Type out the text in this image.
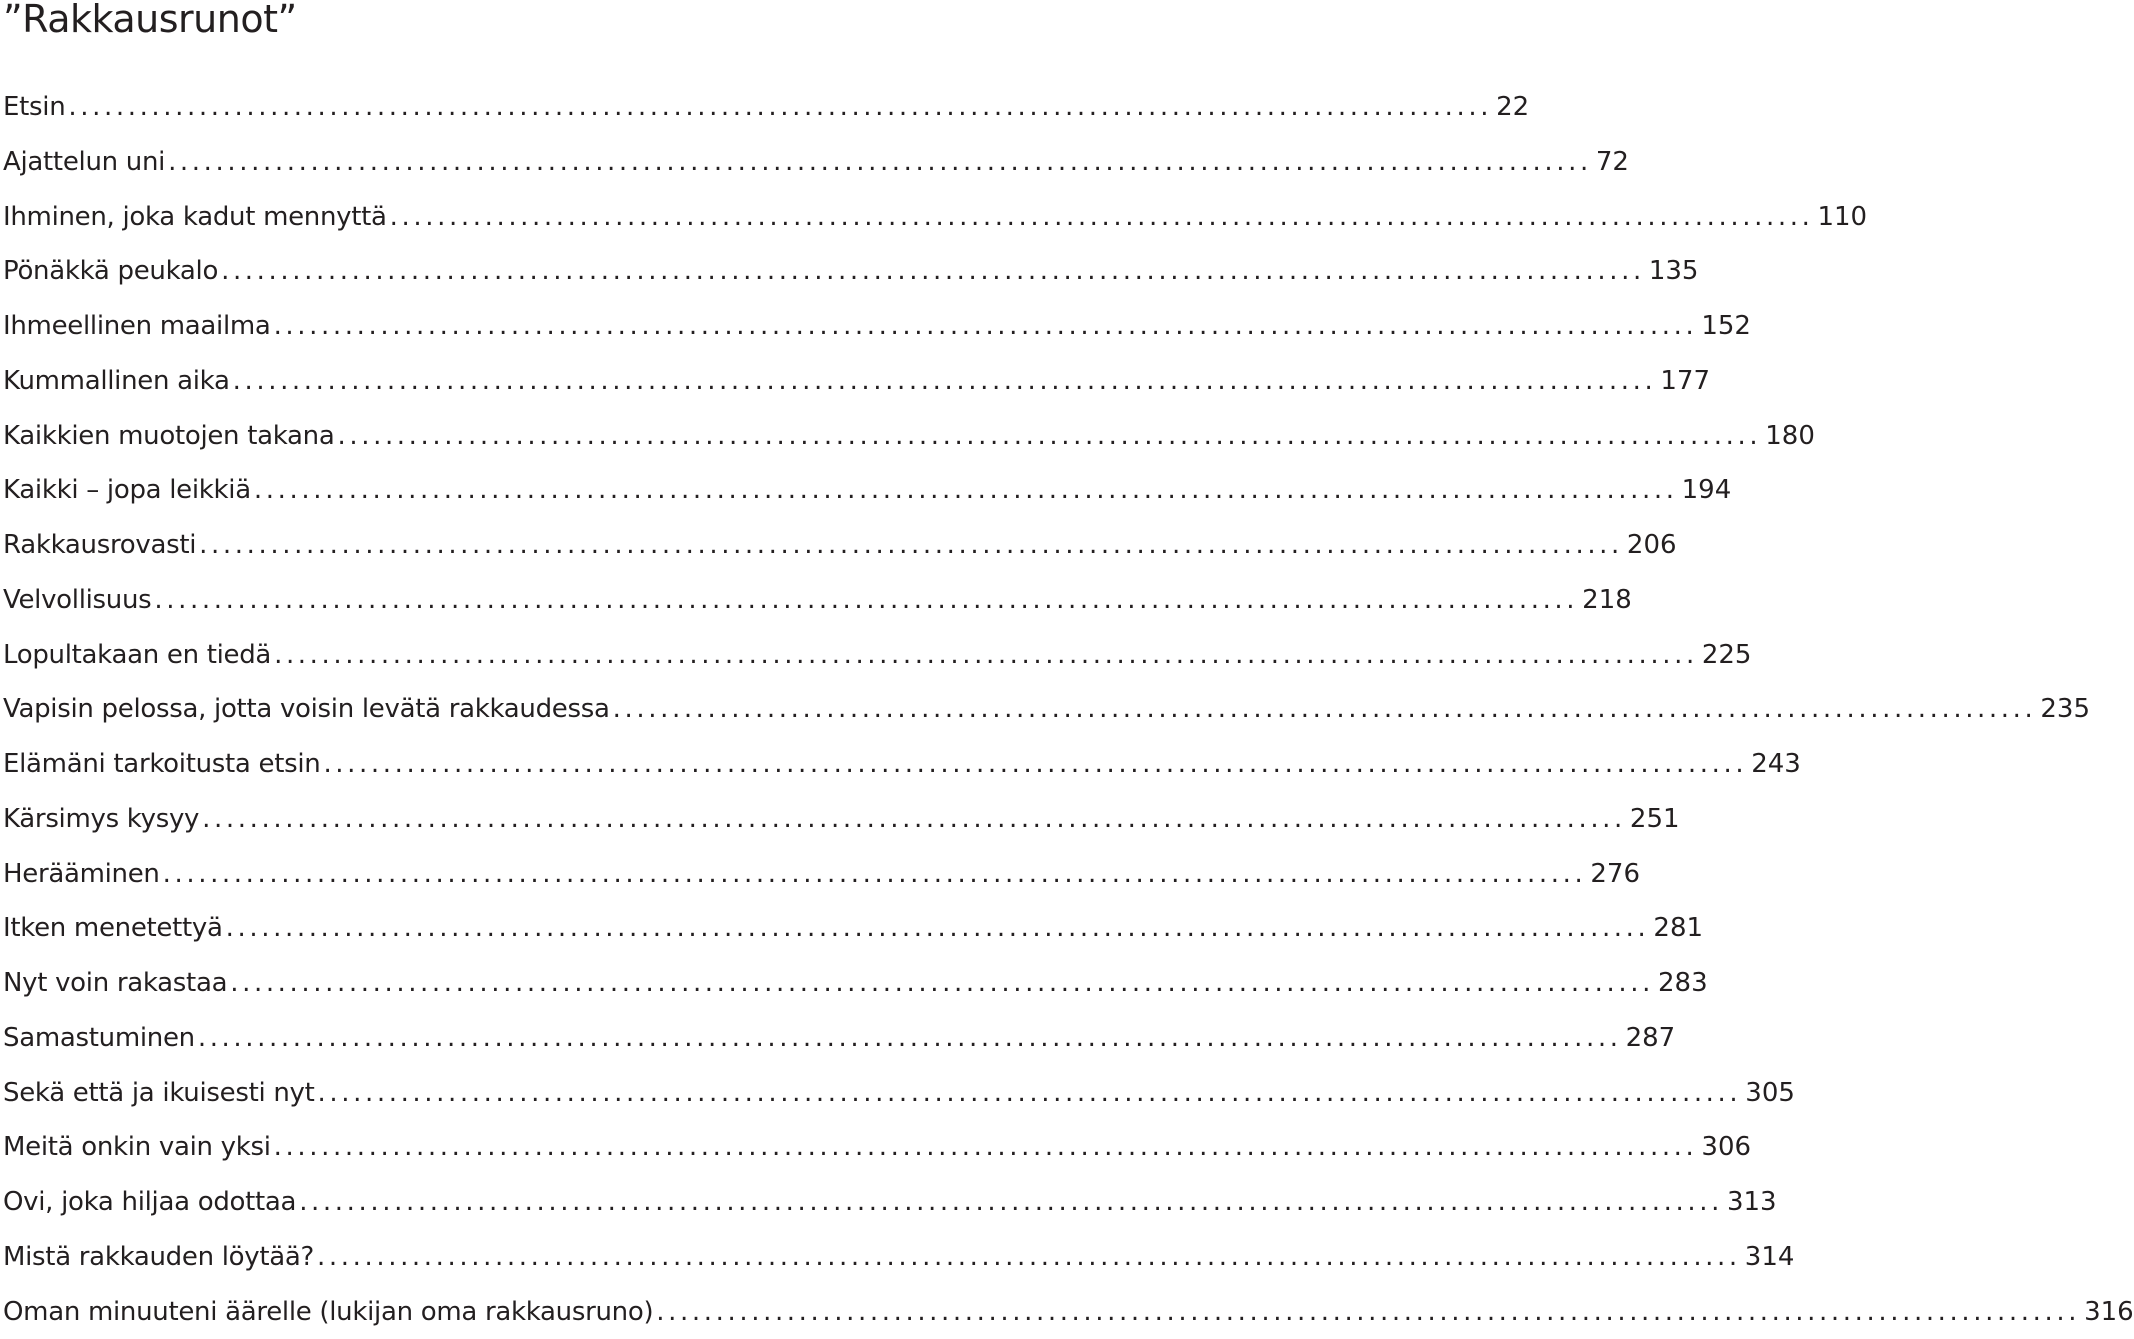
”Rakkausrunot”
Etsin ........................................................................................................................ 22
Ajattelun uni ........................................................................................................................ 72
Ihminen, joka kadut mennyttä ........................................................................................................................ 110
Pönäkkä peukalo ........................................................................................................................ 135
Ihmeellinen maailma ........................................................................................................................ 152
Kummallinen aika ........................................................................................................................ 177
Kaikkien muotojen takana ........................................................................................................................ 180
Kaikki – jopa leikkiä ........................................................................................................................ 194
Rakkausrovasti ........................................................................................................................ 206
Velvollisuus ........................................................................................................................ 218
Lopultakaan en tiedä ........................................................................................................................ 225
Vapisin pelossa, jotta voisin levätä rakkaudessa ........................................................................................................................ 235
Elämäni tarkoitusta etsin ........................................................................................................................ 243
Kärsimys kysyy ........................................................................................................................ 251
Herääminen ........................................................................................................................ 276
Itken menetettyä ........................................................................................................................ 281
Nyt voin rakastaa ........................................................................................................................ 283
Samastuminen ........................................................................................................................ 287
Sekä että ja ikuisesti nyt ........................................................................................................................ 305
Meitä onkin vain yksi ........................................................................................................................ 306
Ovi, joka hiljaa odottaa ........................................................................................................................ 313
Mistä rakkauden löytää? ........................................................................................................................ 314
Oman minuuteni äärelle (lukijan oma rakkausruno) ........................................................................................................................ 316
